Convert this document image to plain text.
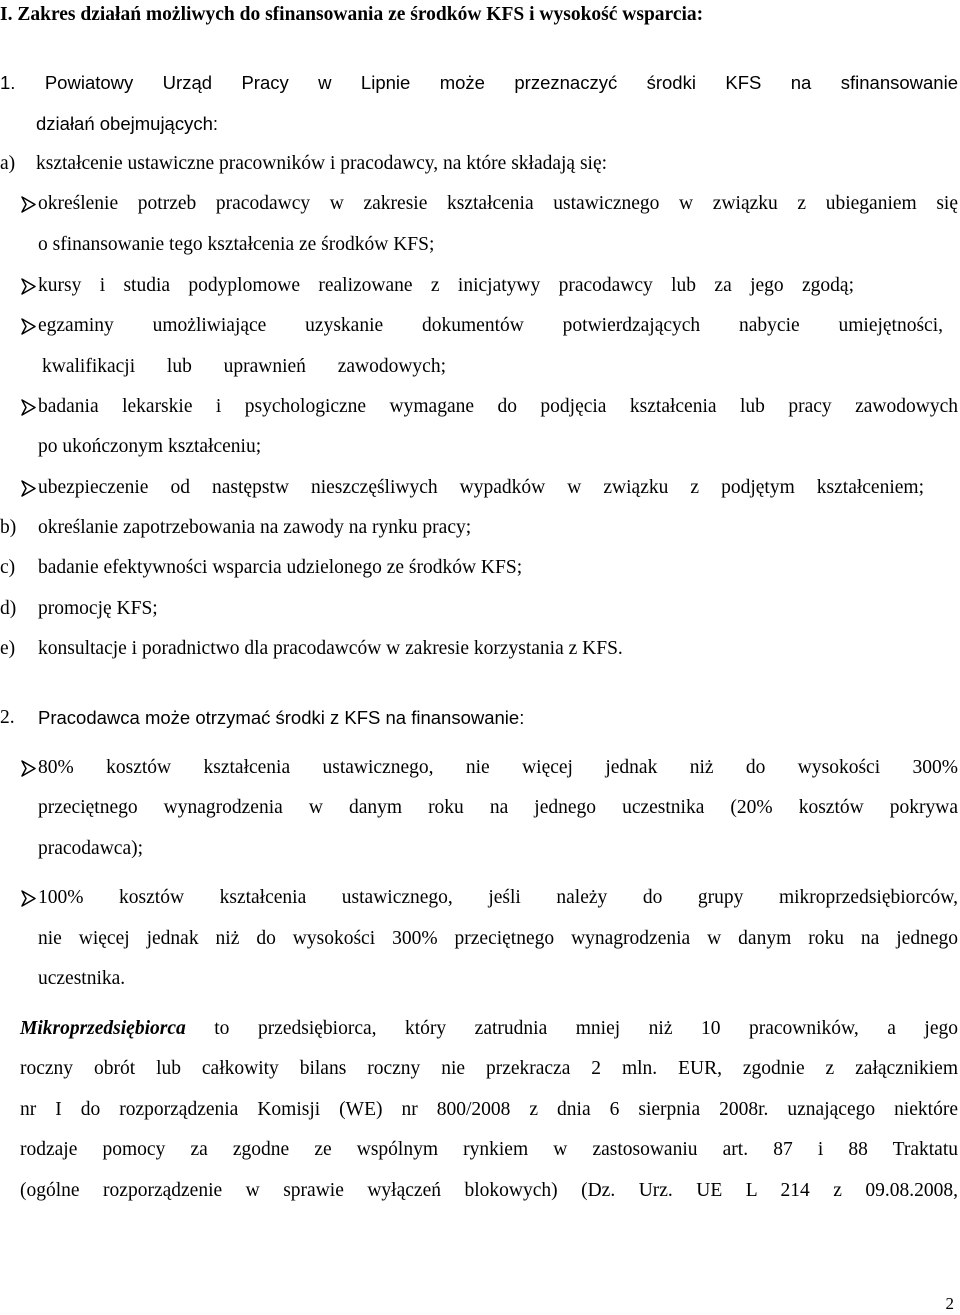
I. Zakres działań możliwych do sfinansowania ze środków KFS i wysokość wsparcia:
1. Powiatowy Urząd Pracy w Lipnie może przeznaczyć środki KFS na sfinansowanie
działań obejmujących:
a) kształcenie ustawiczne pracowników i pracodawcy, na które składają się:
określenie potrzeb pracodawcy w zakresie kształcenia ustawicznego w związku z ubieganiem się
o sfinansowanie tego kształcenia ze środków KFS;
kursy i studia podyplomowe realizowane z inicjatywy pracodawcy lub za jego zgodą;
egzaminy umożliwiające uzyskanie dokumentów potwierdzających nabycie umiejętności,
kwalifikacji lub uprawnień zawodowych;
badania lekarskie i psychologiczne wymagane do podjęcia kształcenia lub pracy zawodowych
po ukończonym kształceniu;
ubezpieczenie od następstw nieszczęśliwych wypadków w związku z podjętym kształceniem;
b) określanie zapotrzebowania na zawody na rynku pracy;
c) badanie efektywności wsparcia udzielonego ze środków KFS;
d) promocję KFS;
e) konsultacje i poradnictwo dla pracodawców w zakresie korzystania z KFS.
2. Pracodawca może otrzymać środki z KFS na finansowanie:
80% kosztów kształcenia ustawicznego, nie więcej jednak niż do wysokości 300%
przeciętnego wynagrodzenia w danym roku na jednego uczestnika (20% kosztów pokrywa
pracodawca);
100% kosztów kształcenia ustawicznego, jeśli należy do grupy mikroprzedsiębiorców,
nie więcej jednak niż do wysokości 300% przeciętnego wynagrodzenia w danym roku na jednego
uczestnika.
Mikroprzedsiębiorca to przedsiębiorca, który zatrudnia mniej niż 10 pracowników, a jego
roczny obrót lub całkowity bilans roczny nie przekracza 2 mln. EUR, zgodnie z załącznikiem
nr I do rozporządzenia Komisji (WE) nr 800/2008 z dnia 6 sierpnia 2008r. uznającego niektóre
rodzaje pomocy za zgodne ze wspólnym rynkiem w zastosowaniu art. 87 i 88 Traktatu
(ogólne rozporządzenie w sprawie wyłączeń blokowych) (Dz. Urz. UE L 214 z 09.08.2008,
2
